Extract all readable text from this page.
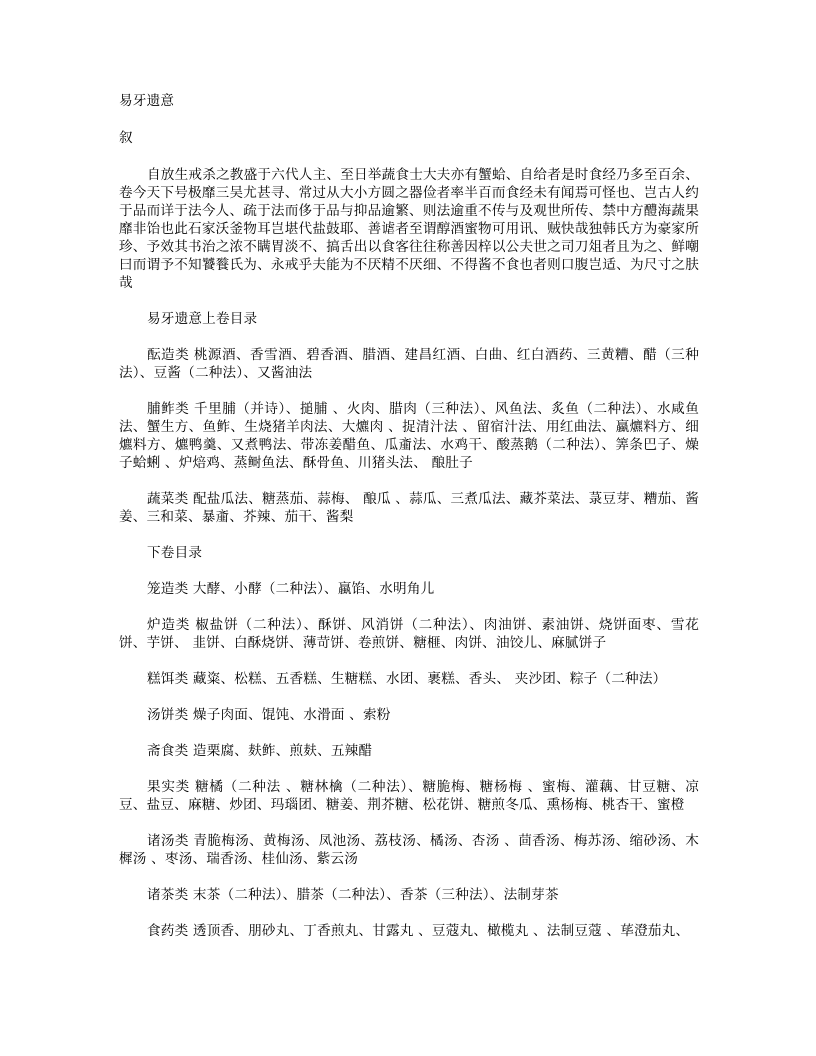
易牙遗意

叙

自放生戒杀之教盛于六代人主、至日举蔬食士大夫亦有蟹蛤、自给者是时食经乃多至百余、卷今天下号极靡三吴尤甚寻、常过从大小方圆之器俭者率半百而食经未有闻焉可怪也、岂古人约于品而详于法今人、疏于法而侈于品与抑品逾繁、则法逾重不传与及观世所传、禁中方醴海蔬果靡非饴也此石家沃釜物耳岂堪代盐鼓耶、善谑者至谓醇酒蜜物可用讯、贼快哉独韩氏方为豪家所珍、予效其书治之浓不瞒胃淡不、搞舌出以食客往往称善因梓以公夫世之司刀俎者且为之、鲜嘲曰而谓予不知饕餮氏为、永戒乎夫能为不厌精不厌细、不得酱不食也者则口腹岂适、为尺寸之肤哉

易牙遗意上卷目录

酝造类 桃源酒、香雪酒、碧香酒、腊酒、建昌红酒、白曲、红白酒药、三黄糟、醋（三种法）、豆酱（二种法）、又酱油法

脯鲊类 千里脯（并诗）、搥脯 、火肉、腊肉（三种法）、风鱼法、炙鱼（二种法）、水咸鱼法、蟹生方、鱼鲊、生烧猪羊肉法、大爊肉 、捉清汁法 、留宿汁法、用红曲法、蠃爊料方、细爊料方、爊鸭羹、又煮鸭法、带冻姜醋鱼、瓜齑法、水鸡干、酸蒸鹅（二种法）、筭条巴子、燥子蛤蜊 、炉焙鸡、蒸鲥鱼法、酥骨鱼、川猪头法、 酿肚子

蔬菜类 配盐瓜法、糖蒸茄、蒜梅、 酿瓜 、蒜瓜、三煮瓜法、藏芥菜法、菉豆芽、糟茄、酱姜、三和菜、暴齑、芥辣、茄干、酱梨

下卷目录

笼造类 大酵、小酵（二种法）、蠃馅、水明角儿

炉造类 椒盐饼（二种法）、酥饼、风消饼（二种法）、肉油饼、素油饼、烧饼面枣、雪花饼、芋饼、 韭饼、白酥烧饼、薄苛饼、卷煎饼、糖榧、肉饼、油饺儿、麻腻饼子

糕饵类 藏粢、松糕、五香糕、生糖糕、水团、裹糕、香头、 夹沙团、粽子（二种法）

汤饼类 燥子肉面、馄饨、水滑面 、索粉

斋食类 造栗腐、麸鲊、煎麸、五辣醋

果实类 糖橘（二种法 、糖林檎（二种法）、糖脆梅、糖杨梅 、蜜梅、灌藕、甘豆糖、凉豆、盐豆、麻糖、炒团、玛瑙团、糖姜、荆芥糖、松花饼、糖煎冬瓜、熏杨梅、桃杏干、蜜橙

诸汤类 青脆梅汤、黄梅汤、凤池汤、荔枝汤、橘汤、杏汤 、茴香汤、梅苏汤、缩砂汤、木樨汤 、枣汤、瑞香汤、桂仙汤、紫云汤

诸茶类 末茶（二种法）、腊茶（二种法）、香茶（三种法）、法制芽茶

食药类 透顶香、朋砂丸、丁香煎丸、甘露丸 、豆蔻丸、橄榄丸 、法制豆蔻 、荜澄茄丸、
